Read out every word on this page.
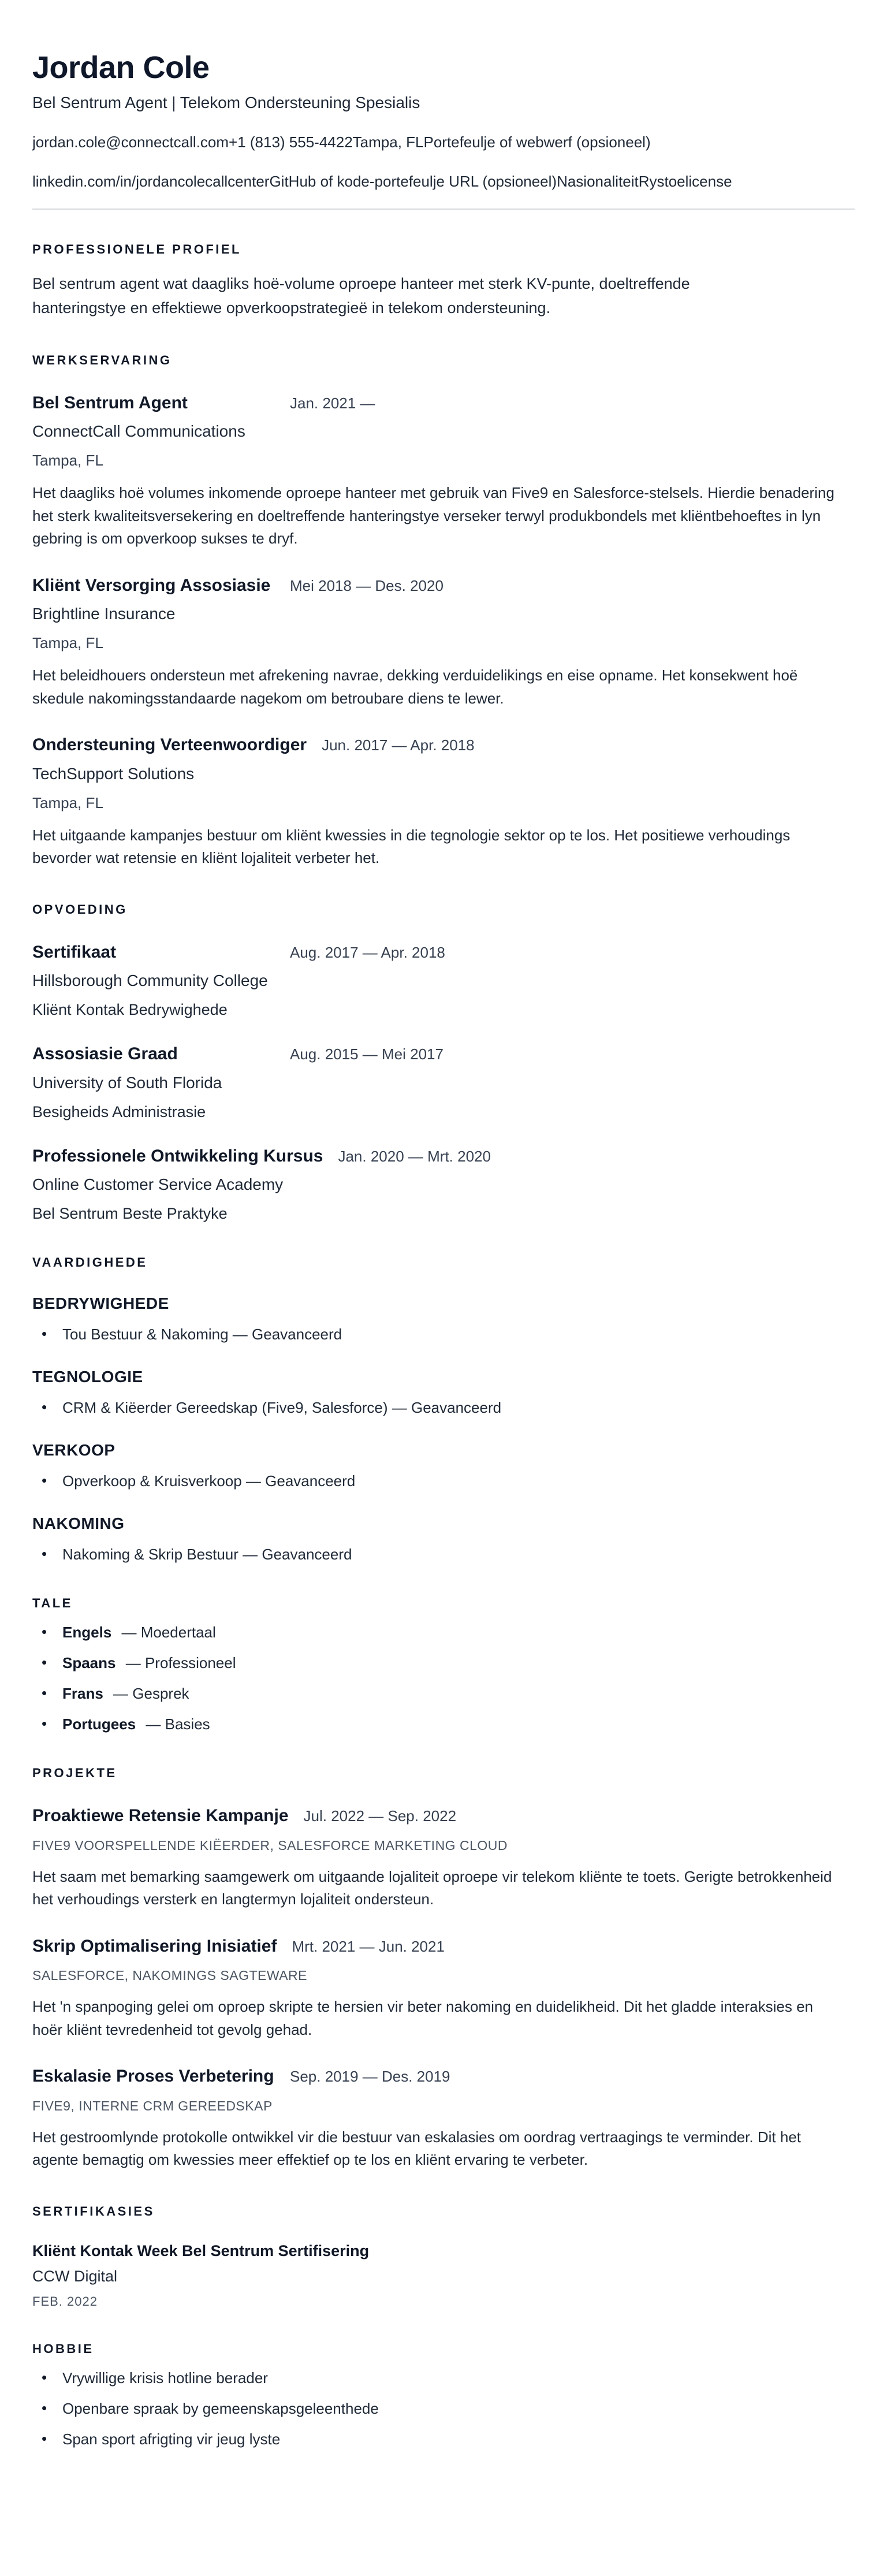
Jordan Cole
Bel Sentrum Agent | Telekom Ondersteuning Spesialis
jordan.cole@connectcall.com+1 (813) 555-4422Tampa, FLPortefeulje of webwerf (opsioneel)
linkedin.com/in/jordancolecallcenterGitHub of kode-portefeulje URL (opsioneel)NasionaliteitRystoelicense
PROFESSIONELE PROFIEL
Bel sentrum agent wat daagliks hoë-volume oproepe hanteer met sterk KV-punte, doeltreffende hanteringstye en effektiewe opverkoopstrategieë in telekom ondersteuning.
WERKSERVARING
Bel Sentrum Agent	Jan. 2021 —
ConnectCall Communications
Tampa, FL
Het daagliks hoë volumes inkomende oproepe hanteer met gebruik van Five9 en Salesforce-stelsels. Hierdie benadering het sterk kwaliteitsversekering en doeltreffende hanteringstye verseker terwyl produkbondels met kliëntbehoeftes in lyn gebring is om opverkoop sukses te dryf.
Kliënt Versorging Assosiasie Mei 2018 — Des. 2020
Brightline Insurance
Tampa, FL
Het beleidhouers ondersteun met afrekening navrae, dekking verduidelikings en eise opname. Het konsekwent hoë skedule nakomingsstandaarde nagekom om betroubare diens te lewer.
Ondersteuning Verteenwoordiger Jun. 2017 — Apr. 2018
TechSupport Solutions
Tampa, FL
Het uitgaande kampanjes bestuur om kliënt kwessies in die tegnologie sektor op te los. Het positiewe verhoudings bevorder wat retensie en kliënt lojaliteit verbeter het.
OPVOEDING
Sertifikaat	Aug. 2017 — Apr. 2018
Hillsborough Community College
Kliënt Kontak Bedrywighede
Assosiasie Graad	Aug. 2015 — Mei 2017
University of South Florida
Besigheids Administrasie
Professionele Ontwikkeling Kursus Jan. 2020 — Mrt. 2020
Online Customer Service Academy
Bel Sentrum Beste Praktyke
VAARDIGHEDE
BEDRYWIGHEDE
• Tou Bestuur & Nakoming — Geavanceerd
TEGNOLOGIE
• CRM & Kiëerder Gereedskap (Five9, Salesforce) — Geavanceerd
VERKOOP
• Opverkoop & Kruisverkoop — Geavanceerd
NAKOMING
• Nakoming & Skrip Bestuur — Geavanceerd
TALE
• Engels — Moedertaal
• Spaans — Professioneel
• Frans — Gesprek
• Portugees — Basies
PROJEKTE
Proaktiewe Retensie Kampanje Jul. 2022 — Sep. 2022
FIVE9 VOORSPELLENDE KIËERDER, SALESFORCE MARKETING CLOUD
Het saam met bemarking saamgewerk om uitgaande lojaliteit oproepe vir telekom kliënte te toets. Gerigte betrokkenheid het verhoudings versterk en langtermyn lojaliteit ondersteun.
Skrip Optimalisering Inisiatief Mrt. 2021 — Jun. 2021
SALESFORCE, NAKOMINGS SAGTEWARE
Het 'n spanpoging gelei om oproep skripte te hersien vir beter nakoming en duidelikheid. Dit het gladde interaksies en hoër kliënt tevredenheid tot gevolg gehad.
Eskalasie Proses Verbetering Sep. 2019 — Des. 2019
FIVE9, INTERNE CRM GEREEDSKAP
Het gestroomlynde protokolle ontwikkel vir die bestuur van eskalasies om oordrag vertraagings te verminder. Dit het agente bemagtig om kwessies meer effektief op te los en kliënt ervaring te verbeter.
SERTIFIKASIES
Kliënt Kontak Week Bel Sentrum Sertifisering
CCW Digital
FEB. 2022
HOBBIE
• Vrywillige krisis hotline berader
• Openbare spraak by gemeenskapsgeleenthede
• Span sport afrigting vir jeug lyste
